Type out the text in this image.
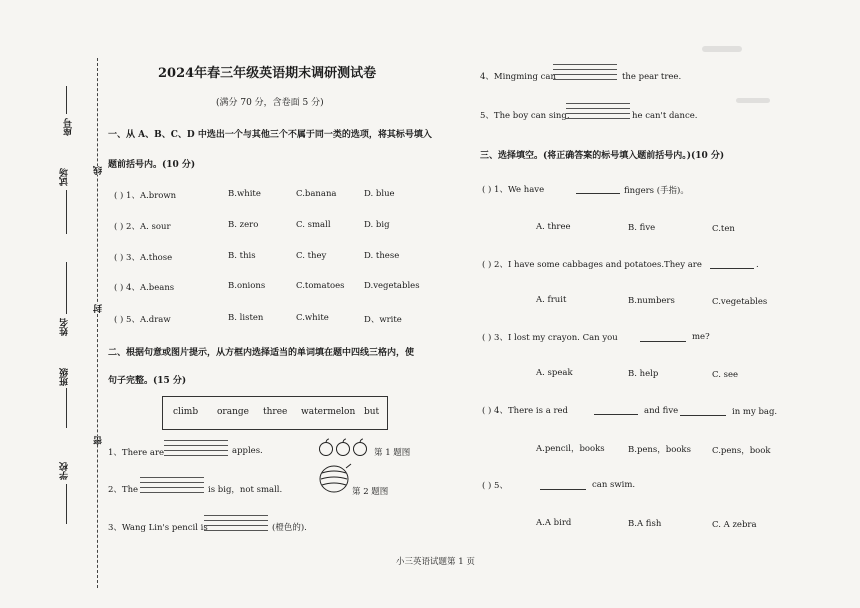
座号
试场
姓名
班级
学校
线
封
密
2024年春三年级英语期末调研测试卷
(满分 70 分，含卷面 5 分)
一、从 A、B、C、D 中选出一个与其他三个不属于同一类的选项，将其标号填入
题前括号内。(10 分)
( ) 1、A.brown	B.white	C.banana	D. blue
( ) 2、A. sour	B. zero	C. small	D. big
( ) 3、A.those	B. this	C. they	D. these
( ) 4、A.beans	B.onions	C.tomatoes D.vegetables
( ) 5、A.draw	B. listen	C.white	D、write
二、根据句意或图片提示，从方框内选择适当的单词填在题中四线三格内，使
句子完整。(15 分)
climb orange three watermelon but
1、There are	apples.	第 1 题图
2、The	is big，not small.	第 2 题图
3、Wang Lin's pencil is	(橙色的).
4、Mingming can	the pear tree.
5、The boy can sing,	he can't dance.
三、选择填空。(将正确答案的标号填入题前括号内。)(10 分)
( ) 1、We have	fingers (手指)。
A. three	B. five	C.ten
( ) 2、I have some cabbages and potatoes.They are	.
A. fruit	B.numbers	C.vegetables
( ) 3、I lost my crayon. Can you	me?
A. speak	B. help	C. see
( ) 4、There is a red	and five	in my bag.
A.pencil，books	B.pens，books C.pens，book
( ) 5、	can swim.
A.A bird	B.A fish	C. A zebra
小三英语试题第 1 页
